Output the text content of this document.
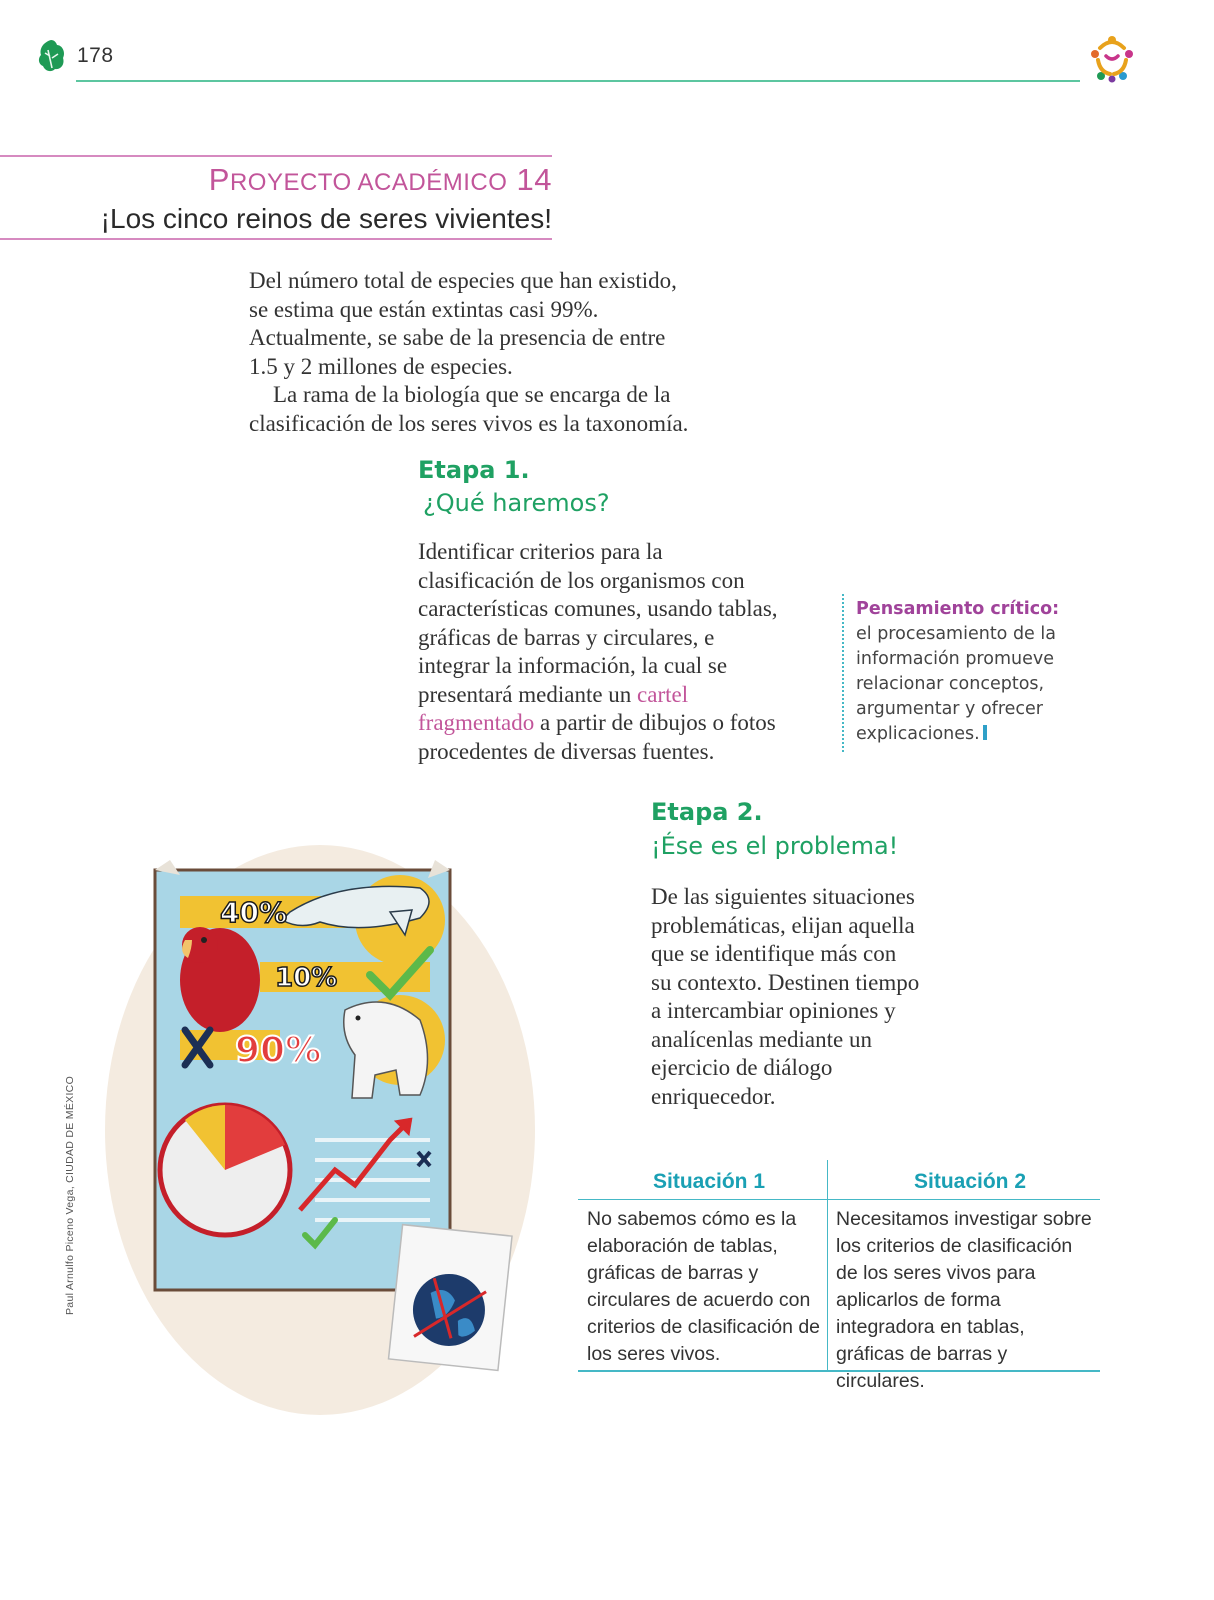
178
PROYECTO ACADÉMICO 14
¡Los cinco reinos de seres vivientes!

Del número total de especies que han existido, se estima que están extintas casi 99%. Actualmente, se sabe de la presencia de entre 1.5 y 2 millones de especies.

La rama de la biología que se encarga de la clasificación de los seres vivos es la taxonomía.

Etapa 1.
¿Qué haremos?
Identificar criterios para la clasificación de los organismos con características comunes, usando tablas, gráficas de barras y circulares, e integrar la información, la cual se presentará mediante un cartel fragmentado a partir de dibujos o fotos procedentes de diversas fuentes.
Pensamiento crítico:
el procesamiento de la información promueve relacionar conceptos, argumentar y ofrecer explicaciones.
Etapa 2.
¡Ése es el problema!
De las siguientes situaciones problemáticas, elijan aquella que se identifique más con su contexto. Destinen tiempo a intercambiar opiniones y analícenlas mediante un ejercicio de diálogo enriquecedor.
Situación 1	Situación 2
No sabemos cómo es la elaboración de tablas, gráficas de barras y circulares de acuerdo con criterios de clasificación de los seres vivos.
Necesitamos investigar sobre los criterios de clasificación de los seres vivos para aplicarlos de forma integradora en tablas, gráficas de barras y circulares.
Paul Arnulfo Piceno Vega, CIUDAD DE MÉXICO
40%
10%
90%
